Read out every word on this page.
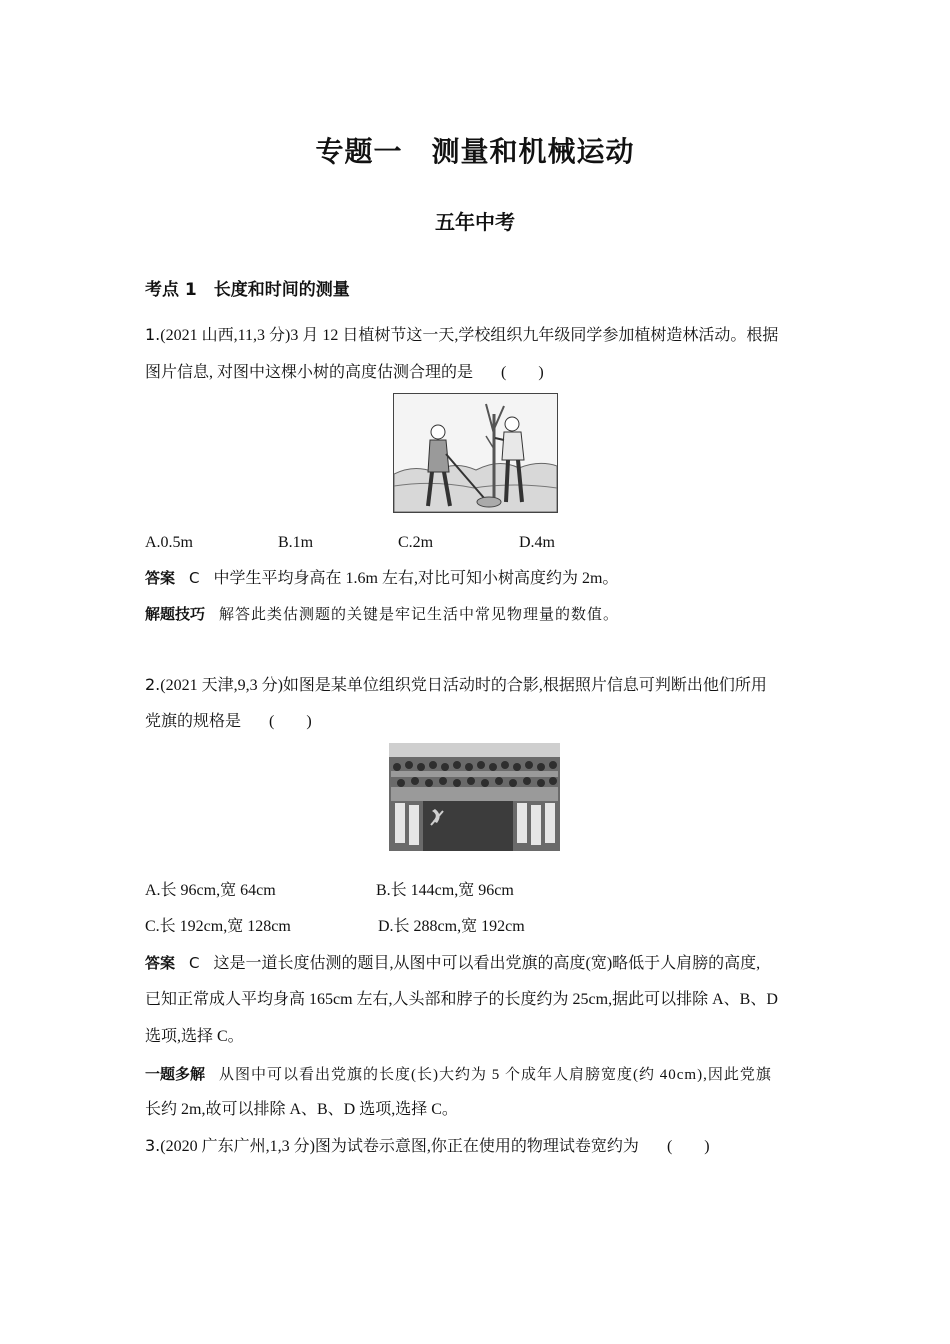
专题一　测量和机械运动
五年中考
考点 1　长度和时间的测量
1.(2021 山西,11,3 分)3 月 12 日植树节这一天,学校组织九年级同学参加植树造林活动。根据
图片信息, 对图中这棵小树的高度估测合理的是 (　　)
A.0.5m	B.1m	C.2m	D.4m
答案 C 中学生平均身高在 1.6m 左右,对比可知小树高度约为 2m。
解题技巧 解答此类估测题的关键是牢记生活中常见物理量的数值。
2.(2021 天津,9,3 分)如图是某单位组织党日活动时的合影,根据照片信息可判断出他们所用
党旗的规格是 (　　)
A.长 96cm,宽 64cm	B.长 144cm,宽 96cm
C.长 192cm,宽 128cm	D.长 288cm,宽 192cm
答案 C 这是一道长度估测的题目,从图中可以看出党旗的高度(宽)略低于人肩膀的高度,
已知正常成人平均身高 165cm 左右,人头部和脖子的长度约为 25cm,据此可以排除 A、B、D
选项,选择 C。
一题多解 从图中可以看出党旗的长度(长)大约为 5 个成年人肩膀宽度(约 40cm),因此党旗
长约 2m,故可以排除 A、B、D 选项,选择 C。
3.(2020 广东广州,1,3 分)图为试卷示意图,你正在使用的物理试卷宽约为 (　　)
